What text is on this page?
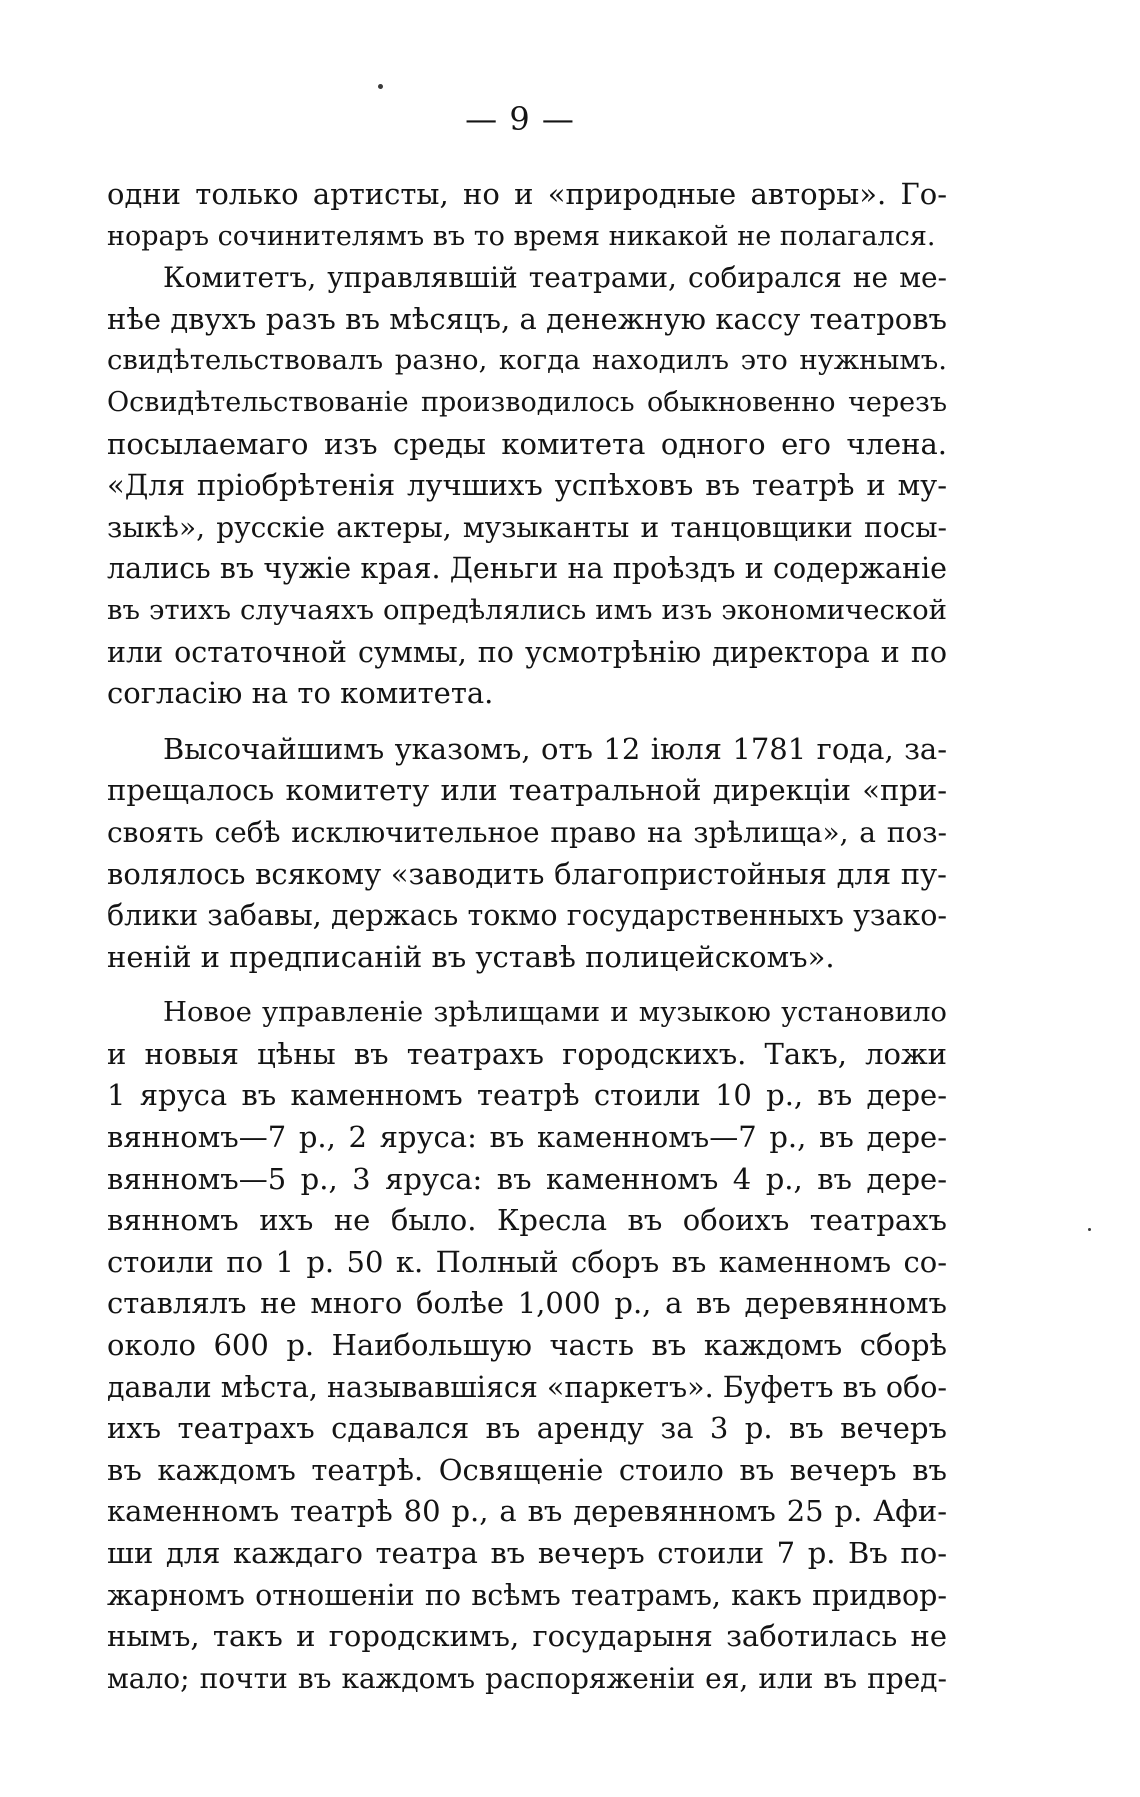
— 9 —
одни только артисты, но и «природные авторы». Го-
нораръ сочинителямъ въ то время никакой не полагался.
Комитетъ, управлявшій театрами, собирался не ме-
нѣе двухъ разъ въ мѣсяцъ, а денежную кассу театровъ
свидѣтельствовалъ разно, когда находилъ это нужнымъ.
Освидѣтельствованіе производилось обыкновенно черезъ
посылаемаго изъ среды комитета одного его члена.
«Для пріобрѣтенія лучшихъ успѣховъ въ театрѣ и му-
зыкѣ», русскіе актеры, музыканты и танцовщики посы-
лались въ чужіе края. Деньги на проѣздъ и содержаніе
въ этихъ случаяхъ опредѣлялись имъ изъ экономической
или остаточной суммы, по усмотрѣнію директора и по
согласію на то комитета.
Высочайшимъ указомъ, отъ 12 іюля 1781 года, за-
прещалось комитету или театральной дирекціи «при-
своять себѣ исключительное право на зрѣлища», а поз-
волялось всякому «заводить благопристойныя для пу-
блики забавы, держась токмо государственныхъ узако-
неній и предписаній въ уставѣ полицейскомъ».
Новое управленіе зрѣлищами и музыкою установило
и новыя цѣны въ театрахъ городскихъ. Такъ, ложи
1 яруса въ каменномъ театрѣ стоили 10 р., въ дере-
вянномъ—7 р., 2 яруса: въ каменномъ—7 р., въ дере-
вянномъ—5 р., 3 яруса: въ каменномъ 4 р., въ дере-
вянномъ ихъ не было. Кресла въ обоихъ театрахъ
стоили по 1 р. 50 к. Полный сборъ въ каменномъ со-
ставлялъ не много болѣе 1,000 р., а въ деревянномъ
около 600 р. Наибольшую часть въ каждомъ сборѣ
давали мѣста, называвшіяся «паркетъ». Буфетъ въ обо-
ихъ театрахъ сдавался въ аренду за 3 р. въ вечеръ
въ каждомъ театрѣ. Освященіе стоило въ вечеръ въ
каменномъ театрѣ 80 р., а въ деревянномъ 25 р. Афи-
ши для каждаго театра въ вечеръ стоили 7 р. Въ по-
жарномъ отношеніи по всѣмъ театрамъ, какъ придвор-
нымъ, такъ и городскимъ, государыня заботилась не
мало; почти въ каждомъ распоряженіи ея, или въ пред-
